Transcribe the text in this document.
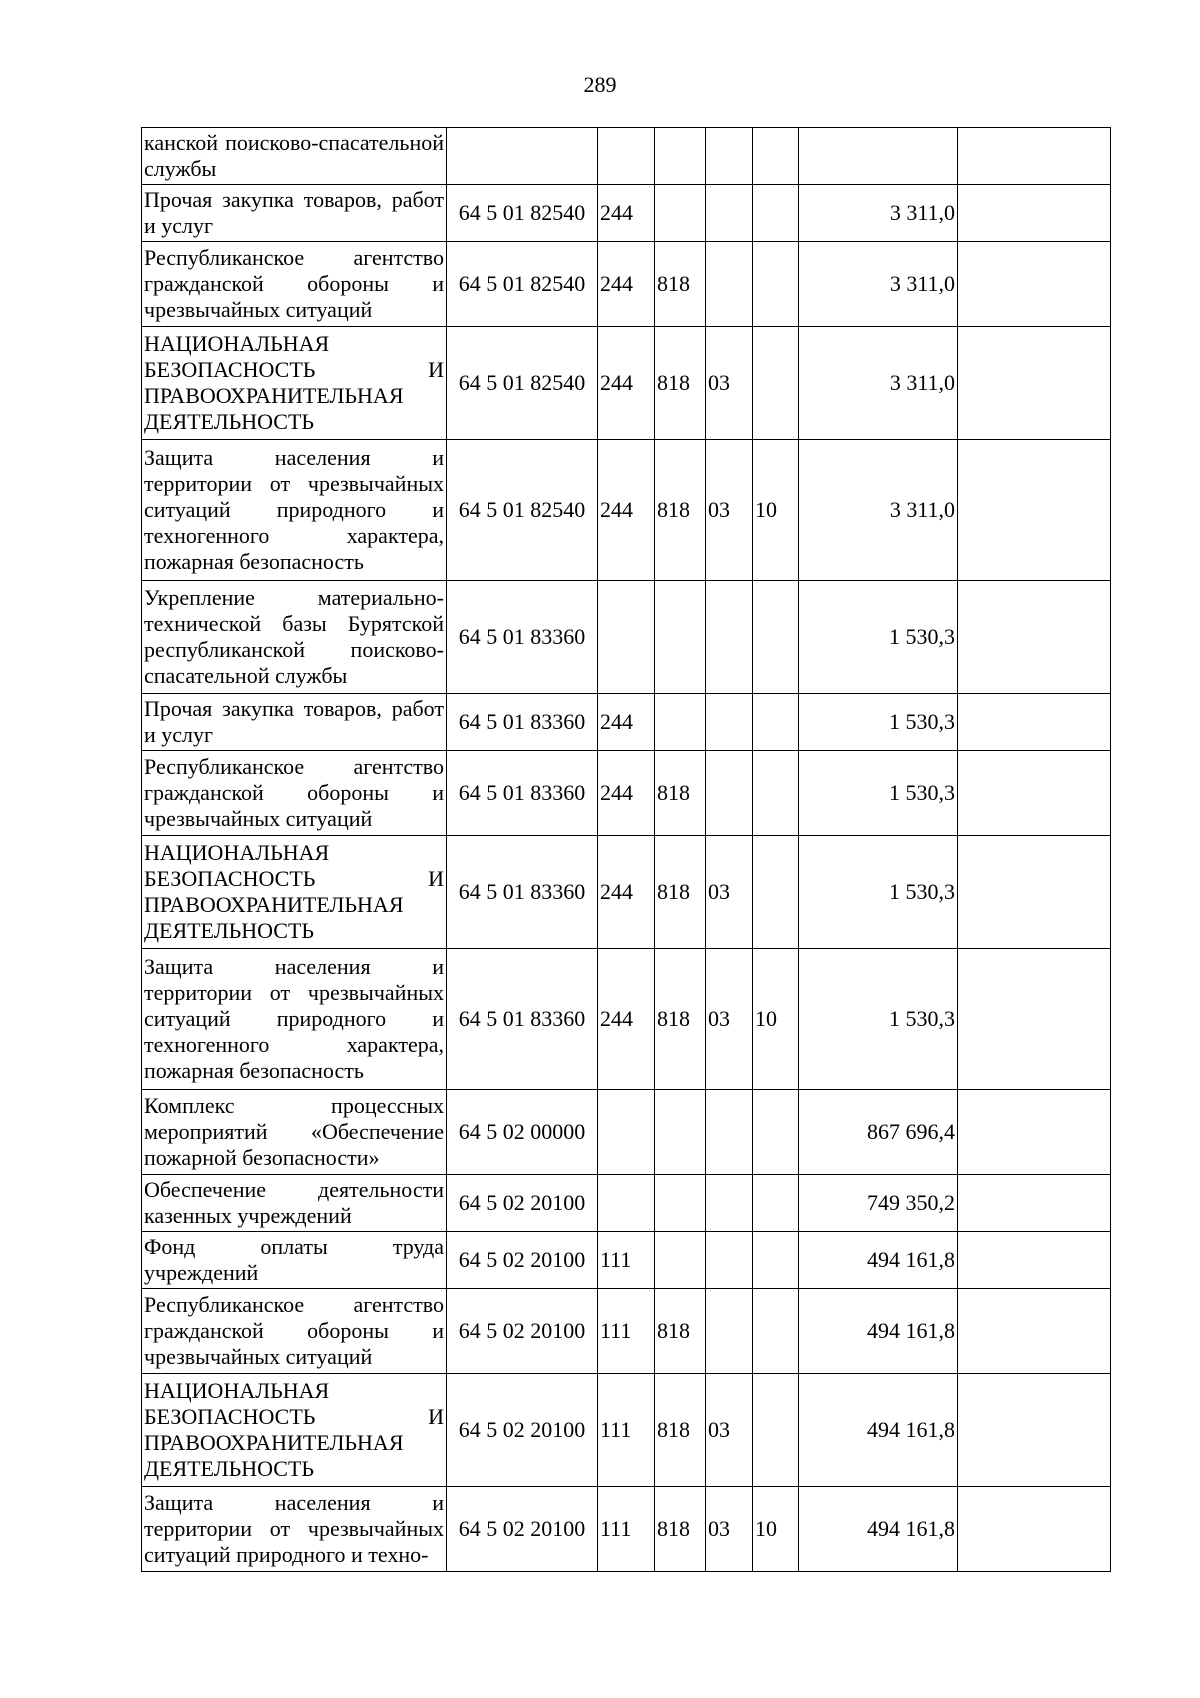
289
канской поисково-спасательной службы							
Прочая закупка товаров, работ и услуг	64 5 01 82540	244				3 311,0	
Республиканское агентство гражданской обороны и чрезвычайных ситуаций	64 5 01 82540	244	818			3 311,0	
НАЦИОНАЛЬНАЯ БЕЗОПАСНОСТЬ И ПРАВООХРАНИТЕЛЬНАЯ ДЕЯТЕЛЬНОСТЬ	64 5 01 82540	244	818	03		3 311,0	
Защита населения и территории от чрезвычайных ситуаций природного и техногенного характера, пожарная безопасность	64 5 01 82540	244	818	03	10	3 311,0	
Укрепление материально-технической базы Бурятской республиканской поисково-спасательной службы	64 5 01 83360					1 530,3	
Прочая закупка товаров, работ и услуг	64 5 01 83360	244				1 530,3	
Республиканское агентство гражданской обороны и чрезвычайных ситуаций	64 5 01 83360	244	818			1 530,3	
НАЦИОНАЛЬНАЯ БЕЗОПАСНОСТЬ И ПРАВООХРАНИТЕЛЬНАЯ ДЕЯТЕЛЬНОСТЬ	64 5 01 83360	244	818	03		1 530,3	
Защита населения и территории от чрезвычайных ситуаций природного и техногенного характера, пожарная безопасность	64 5 01 83360	244	818	03	10	1 530,3	
Комплекс процессных мероприятий «Обеспечение пожарной безопасности»	64 5 02 00000					867 696,4	
Обеспечение деятельности казенных учреждений	64 5 02 20100					749 350,2	
Фонд оплаты труда учреждений	64 5 02 20100	111				494 161,8	
Республиканское агентство гражданской обороны и чрезвычайных ситуаций	64 5 02 20100	111	818			494 161,8	
НАЦИОНАЛЬНАЯ БЕЗОПАСНОСТЬ И ПРАВООХРАНИТЕЛЬНАЯ ДЕЯТЕЛЬНОСТЬ	64 5 02 20100	111	818	03		494 161,8	
Защита населения и территории от чрезвычайных ситуаций природного и техно-	64 5 02 20100	111	818	03	10	494 161,8	
